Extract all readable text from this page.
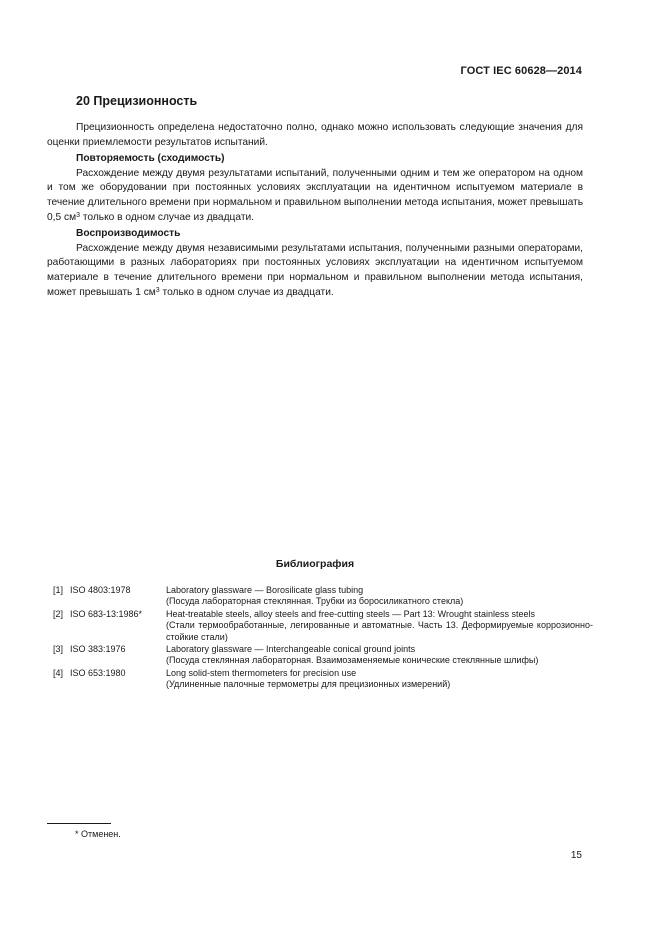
ГОСТ IEC 60628—2014
20 Прецизионность

Прецизионность определена недостаточно полно, однако можно использовать следующие значения для оценки приемлемости результатов испытаний.

Повторяемость (сходимость)

Расхождение между двумя результатами испытаний, полученными одним и тем же оператором на одном и том же оборудовании при постоянных условиях эксплуатации на идентичном испытуемом материале в течение длительного времени при нормальном и правильном выполнении метода испытания, может превышать 0,5 $см^3$ только в одном случае из двадцати.

Воспроизводимость

Расхождение между двумя независимыми результатами испытания, полученными разными операторами, работающими в разных лабораториях при постоянных условиях эксплуатации на идентичном испытуемом материале в течение длительного времени при нормальном и правильном выполнении метода испытания, может превышать 1 $см^3$ только в одном случае из двадцати.

Библиография
[1] ISO 4803:1978	Laboratory glassware — Borosilicate glass tubing
(Посуда лабораторная стеклянная. Трубки из боросиликатного стекла)
[2] ISO 683-13:1986*	Heat-treatable steels, alloy steels and free-cutting steels — Part 13: Wrought stainless steels
(Стали термообработанные, легированные и автоматные. Часть 13. Деформируемые коррозионно-стойкие стали)
[3] ISO 383:1976	Laboratory glassware — Interchangeable conical ground joints
(Посуда стеклянная лабораторная. Взаимозаменяемые конические стеклянные шлифы)
[4] ISO 653:1980	Long solid-stem thermometers for precision use
(Удлиненные палочные термометры для прецизионных измерений)
* Отменен.
15
